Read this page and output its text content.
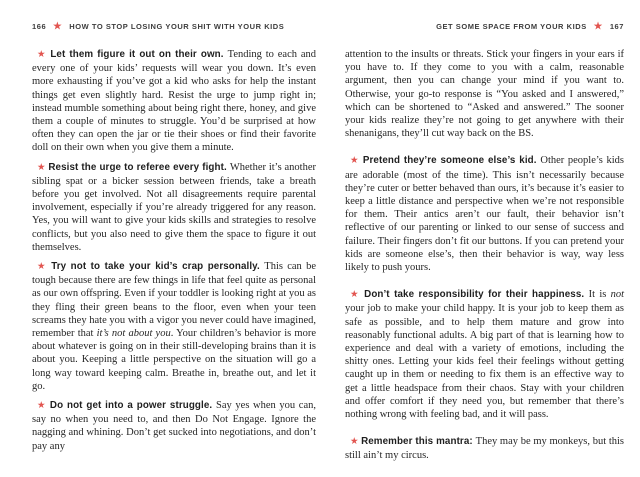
166 ★ HOW TO STOP LOSING YOUR SHIT WITH YOUR KIDS

★ Let them figure it out on their own. Tending to each and every one of your kids’ requests will wear you down. It’s even more exhausting if you’ve got a kid who asks for help the instant things get even slightly hard. Resist the urge to jump right in; instead mumble something about being right there, honey, and give them a couple of minutes to struggle. You’d be surprised at how often they can open the jar or tie their shoes or find their favorite doll on their own when you give them a minute.

★ Resist the urge to referee every fight. Whether it’s another sibling spat or a bicker session between friends, take a breath before you get involved. Not all disagreements require parental involvement, especially if you’re already triggered for any reason. Yes, you will want to give your kids skills and strategies to resolve conflicts, but you also need to give them the space to figure it out themselves.

★ Try not to take your kid’s crap personally. This can be tough because there are few things in life that feel quite as personal as our own offspring. Even if your toddler is looking right at you as they fling their green beans to the floor, even when your teen screams they hate you with a vigor you never could have imagined, remember that it’s not about you. Your children’s behavior is more about whatever is going on in their still-developing brains than it is about you. Keeping a little perspective on the situation will go a long way toward keeping calm. Breathe in, breathe out, and let it go.

★ Do not get into a power struggle. Say yes when you can, say no when you need to, and then Do Not Engage. Ignore the nagging and whining. Don’t get sucked into negotiations, and don’t pay any

GET SOME SPACE FROM YOUR KIDS ★ 167

attention to the insults or threats. Stick your fingers in your ears if you have to. If they come to you with a calm, reasonable argument, then you can change your mind if you want to. Otherwise, your go-to response is “You asked and I answered,” which can be shortened to “Asked and answered.” The sooner your kids realize they’re not going to get anywhere with their shenanigans, they’ll cut way back on the BS.

★ Pretend they’re someone else’s kid. Other people’s kids are adorable (most of the time). This isn’t necessarily because they’re cuter or better behaved than ours, it’s because it’s easier to keep a little distance and perspective when we’re not responsible for them. Their antics aren’t our fault, their behavior isn’t reflective of our parenting or linked to our sense of success and failure. Their fingers don’t fit our buttons. If you can pretend your kids are someone else’s, then their behavior is way, way less likely to push yours.

★ Don’t take responsibility for their happiness. It is not your job to make your child happy. It is your job to keep them as safe as possible, and to help them mature and grow into reasonably functional adults. A big part of that is learning how to experience and deal with a variety of emotions, including the shitty ones. Letting your kids feel their feelings without getting caught up in them or needing to fix them is an effective way to get a little headspace from their chaos. Stay with your children and offer comfort if they need you, but remember that there’s nothing wrong with feeling bad, and it will pass.

★ Remember this mantra: They may be my monkeys, but this still ain’t my circus.
